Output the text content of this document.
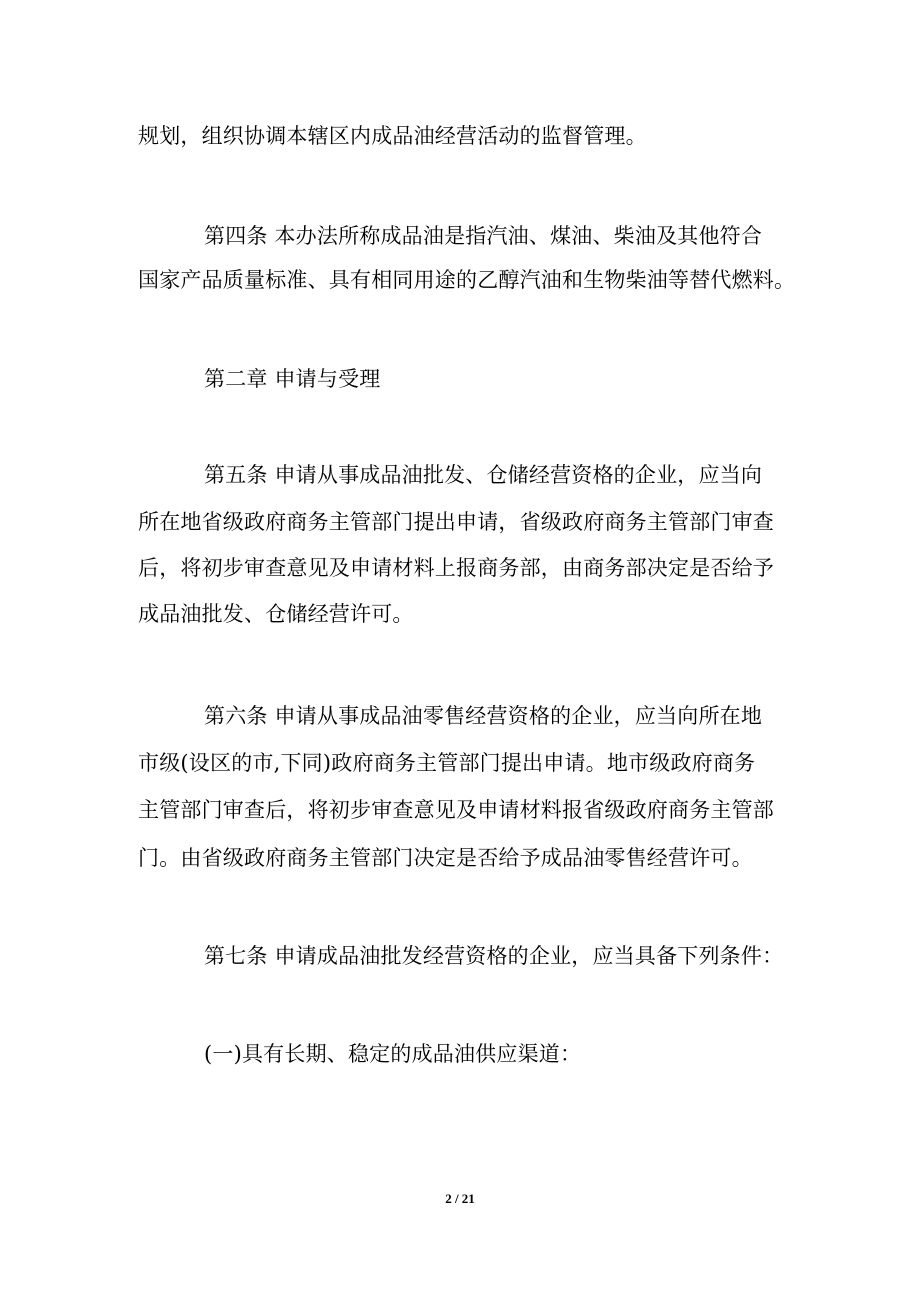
规划，组织协调本辖区内成品油经营活动的监督管理。
第四条 本办法所称成品油是指汽油、煤油、柴油及其他符合
国家产品质量标准、具有相同用途的乙醇汽油和生物柴油等替代燃料。
第二章 申请与受理
第五条 申请从事成品油批发、仓储经营资格的企业，应当向
所在地省级政府商务主管部门提出申请，省级政府商务主管部门审查
后，将初步审查意见及申请材料上报商务部，由商务部决定是否给予
成品油批发、仓储经营许可。
第六条 申请从事成品油零售经营资格的企业，应当向所在地
市级(设区的市,下同)政府商务主管部门提出申请。地市级政府商务
主管部门审查后，将初步审查意见及申请材料报省级政府商务主管部
门。由省级政府商务主管部门决定是否给予成品油零售经营许可。
第七条 申请成品油批发经营资格的企业，应当具备下列条件：
(一)具有长期、稳定的成品油供应渠道：
2 / 21
